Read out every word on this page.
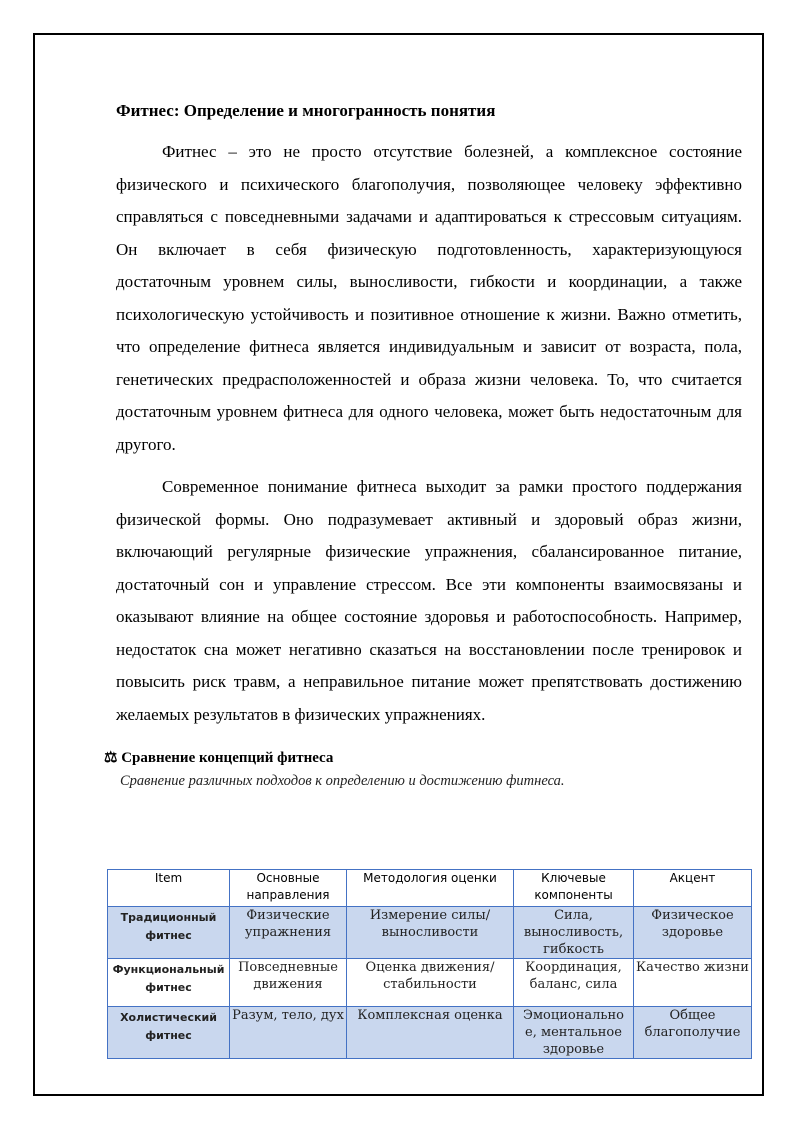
Фитнес: Определение и многогранность понятия

Фитнес – это не просто отсутствие болезней, а комплексное состояние физического и психического благополучия, позволяющее человеку эффективно справляться с повседневными задачами и адаптироваться к стрессовым ситуациям. Он включает в себя физическую подготовленность, характеризующуюся достаточным уровнем силы, выносливости, гибкости и координации, а также психологическую устойчивость и позитивное отношение к жизни. Важно отметить, что определение фитнеса является индивидуальным и зависит от возраста, пола, генетических предрасположенностей и образа жизни человека. То, что считается достаточным уровнем фитнеса для одного человека, может быть недостаточным для другого.

Современное понимание фитнеса выходит за рамки простого поддержания физической формы. Оно подразумевает активный и здоровый образ жизни, включающий регулярные физические упражнения, сбалансированное питание, достаточный сон и управление стрессом. Все эти компоненты взаимосвязаны и оказывают влияние на общее состояние здоровья и работоспособность. Например, недостаток сна может негативно сказаться на восстановлении после тренировок и повысить риск травм, а неправильное питание может препятствовать достижению желаемых результатов в физических упражнениях.

⚖ Сравнение концепций фитнеса
Сравнение различных подходов к определению и достижению фитнеса.
Item	Основные направления	Методология оценки	Ключевые компоненты	Акцент
Традиционный фитнес	Физические упражнения	Измерение силы/выносливости	Сила, выносливость, гибкость	Физическое здоровье
Функциональный фитнес	Повседневные движения	Оценка движения/стабильности	Координация, баланс, сила	Качество жизни
Холистический фитнес	Разум, тело, дух	Комплексная оценка	Эмоционально е, ментальное здоровье	Общее благополучие
